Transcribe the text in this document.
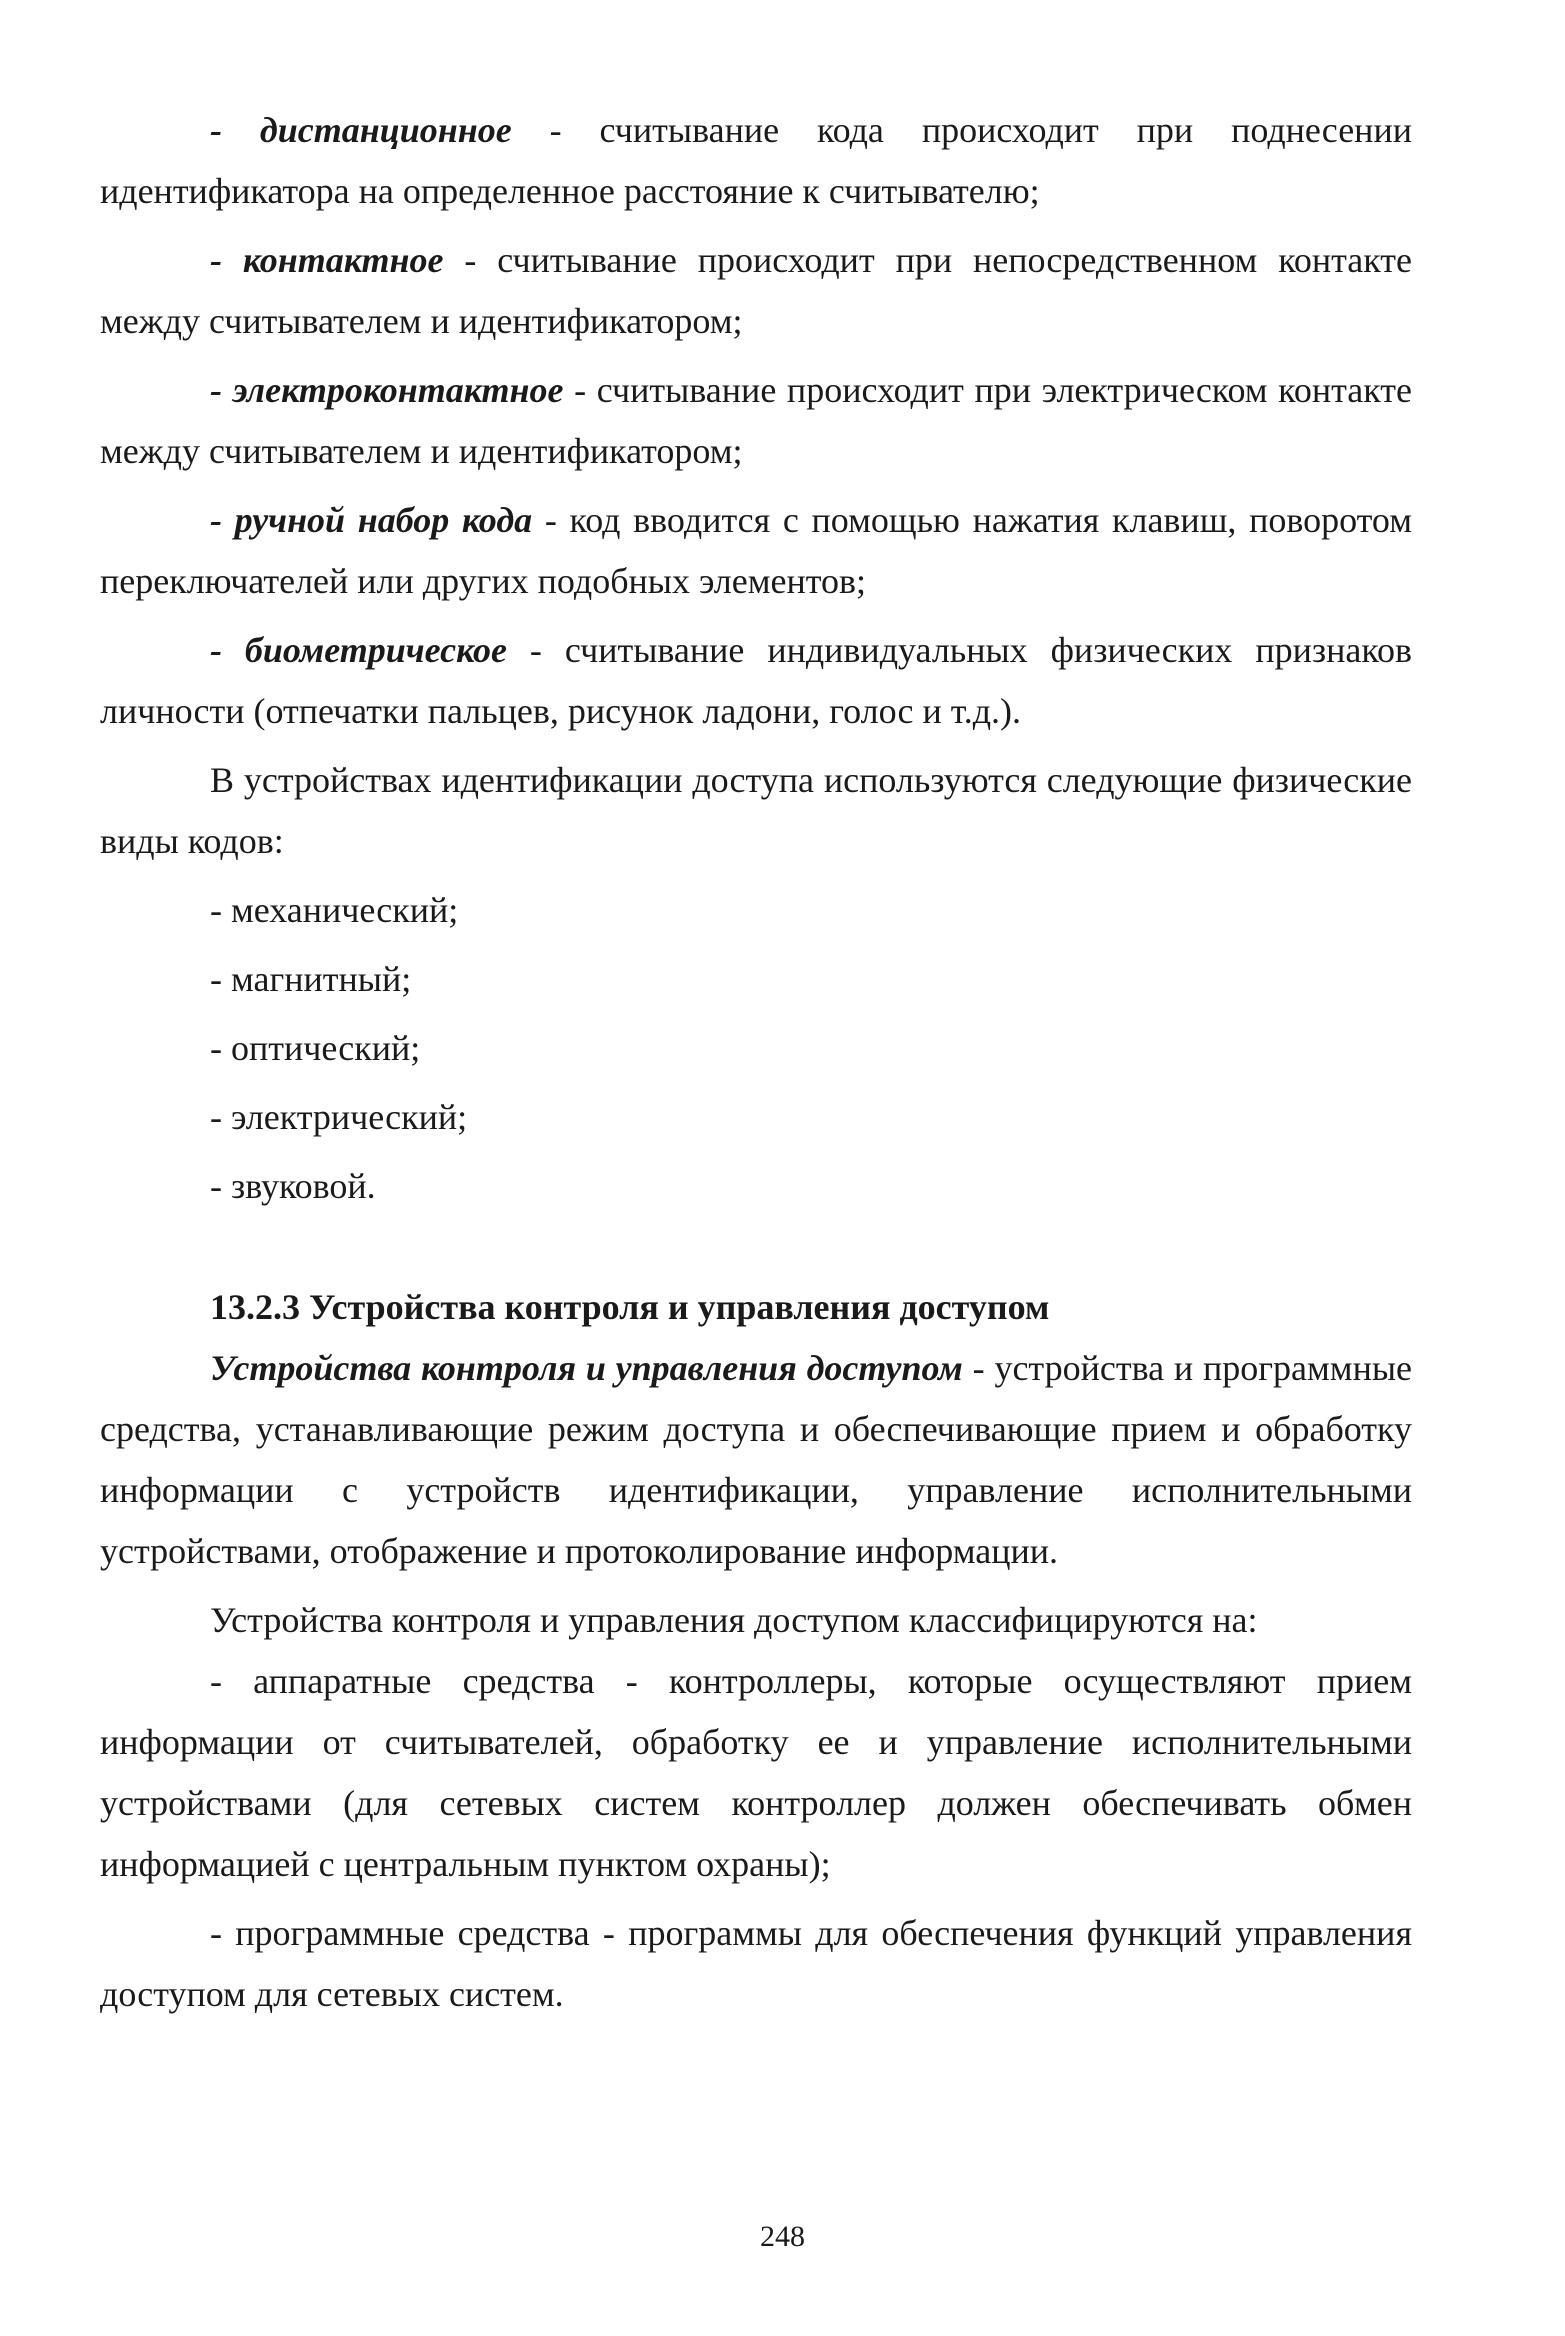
- дистанционное - считывание кода происходит при поднесении идентификатора на определенное расстояние к считывателю;

- контактное - считывание происходит при непосредственном контакте между считывателем и идентификатором;

- электроконтактное - считывание происходит при электрическом контакте между считывателем и идентификатором;

- ручной набор кода - код вводится с помощью нажатия клавиш, поворотом переключателей или других подобных элементов;

- биометрическое - считывание индивидуальных физических признаков личности (отпечатки пальцев, рисунок ладони, голос и т.д.).

В устройствах идентификации доступа используются следующие физические виды кодов:

- механический;

- магнитный;

- оптический;

- электрический;

- звуковой.

13.2.3 Устройства контроля и управления доступом

Устройства контроля и управления доступом - устройства и программные средства, устанавливающие режим доступа и обеспечивающие прием и обработку информации с устройств идентификации, управление исполнительными устройствами, отображение и протоколирование информации.

Устройства контроля и управления доступом классифицируются на:

- аппаратные средства - контроллеры, которые осуществляют прием информации от считывателей, обработку ее и управление исполнительными устройствами (для сетевых систем контроллер должен обеспечивать обмен информацией с центральным пунктом охраны);

- программные средства - программы для обеспечения функций управления доступом для сетевых систем.

248
